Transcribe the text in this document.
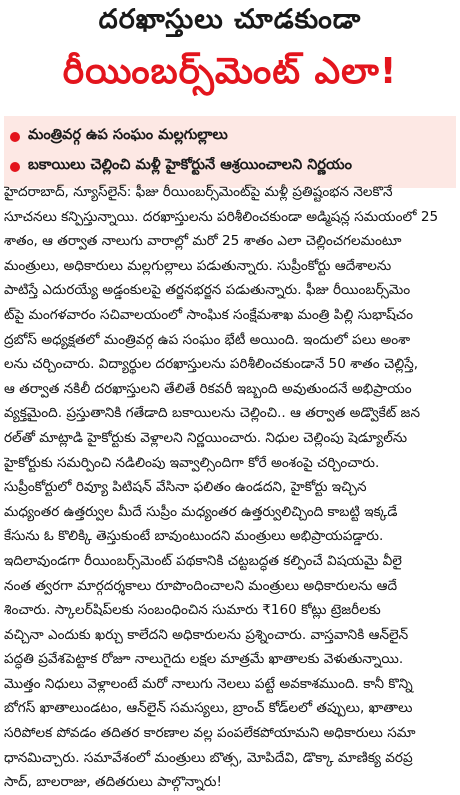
దరఖాస్తులు చూడకుండా
రీయింబర్స్‌మెంట్‌ ఎలా!
మంత్రివర్గ ఉప సంఘం మల్లగుల్లాలు
బకాయిలు చెల్లించి మళ్లీ హైకోర్టునే ఆశ్రయించాలని నిర్ణయం
హైదరాబాద్‌, న్యూస్‌లైన్‌: ఫీజు రీయింబర్స్‌మెంట్‌పై మళ్లీ ప్రతిష్టంభన నెలకొనే
సూచనలు కన్పిస్తున్నాయి. దరఖాస్తులను పరిశీలించకుండా అడ్మిషన్ల సమయంలో 25
శాతం, ఆ తర్వాత నాలుగు వారాల్లో మరో 25 శాతం ఎలా చెల్లించగలమంటూ
మంత్రులు, అధికారులు మల్లగుల్లాలు పడుతున్నారు. సుప్రీంకోర్టు ఆదేశాలను
పాటిస్తే ఎదురయ్యే అడ్డంకులపై తర్జనభర్జన పడుతున్నారు. ఫీజు రీయింబర్స్‌మెం
ట్‌పై మంగళవారం సచివాలయంలో సాంఘిక సంక్షేమశాఖ మంత్రి పిల్లి సుభాష్‌చం
ద్రబోస్‌ అధ్యక్షతలో మంత్రివర్గ ఉప సంఘం భేటీ అయింది. ఇందులో పలు అంశా
లను చర్చించారు. విద్యార్థుల దరఖాస్తులను పరిశీలించకుండానే 50 శాతం చెల్లిస్తే,
ఆ తర్వాత నకిలీ దరఖాస్తులని తేలితే రికవరీ ఇబ్బంది అవుతుందనే అభిప్రాయం
వ్యక్తమైంది. ప్రస్తుతానికి గతేడాది బకాయిలను చెల్లించి.. ఆ తర్వాత అడ్వొకేట్‌ జన
రల్‌తో మాట్లాడి హైకోర్టుకు వెళ్లాలని నిర్ణయించారు. నిధుల చెల్లింపు షెడ్యూల్‌ను
హైకోర్టుకు సమర్పించి నడిలింపు ఇవ్వాల్సిందిగా కోరే అంశంపై చర్చించారు.
సుప్రీంకోర్టులో రివ్యూ పిటిషన్‌ వేసినా ఫలితం ఉండదని, హైకోర్టు ఇచ్చిన
మధ్యంతర ఉత్తర్వుల మీదే సుప్రీం మధ్యంతర ఉత్తర్వులిచ్చింది కాబట్టి ఇక్కడే
కేసును ఓ కొలిక్కి తెస్తుకుంటే బావుంటుందని మంత్రులు అభిప్రాయపడ్డారు.
ఇదిలావుండగా రీయింబర్స్‌మెంట్‌ పథకానికి చట్టబద్ధత కల్పించే విషయమై వీలై
నంత త్వరగా మార్గదర్శకాలు రూపొందించాలని మంత్రులు అధికారులను ఆదే
శించారు. స్కాలర్‌షిప్‌లకు సంబంధించిన సుమారు ₹160 కోట్లు ట్రెజరీలకు
వచ్చినా ఎందుకు ఖర్చు కాలేదని అధికారులను ప్రశ్నించారు. వాస్తవానికి ఆన్‌లైన్‌
పద్ధతి ప్రవేశపెట్టాక రోజూ నాలుగైదు లక్షల మాత్రమే ఖాతాలకు వెళుతున్నాయి.
మొత్తం నిధులు వెళ్లాలంటే మరో నాలుగు నెలలు పట్టే అవకాశముంది. కానీ కొన్ని
బోగస్‌ ఖాతాలుండటం, ఆన్‌లైన్‌ సమస్యలు, బ్రాంచ్‌ కోడ్‌లలో తప్పులు, ఖాతాలు
సరిపోలక పోవడం తదితర కారణాల వల్ల పంపలేకపోయామని అధికారులు సమా
ధానమిచ్చారు. సమావేశంలో మంత్రులు బొత్స, మోపిదేవి, డొక్కా మాణిక్య వరప్ర
సాద్‌, బాలరాజు, తదితరులు పాల్గొన్నారు!
